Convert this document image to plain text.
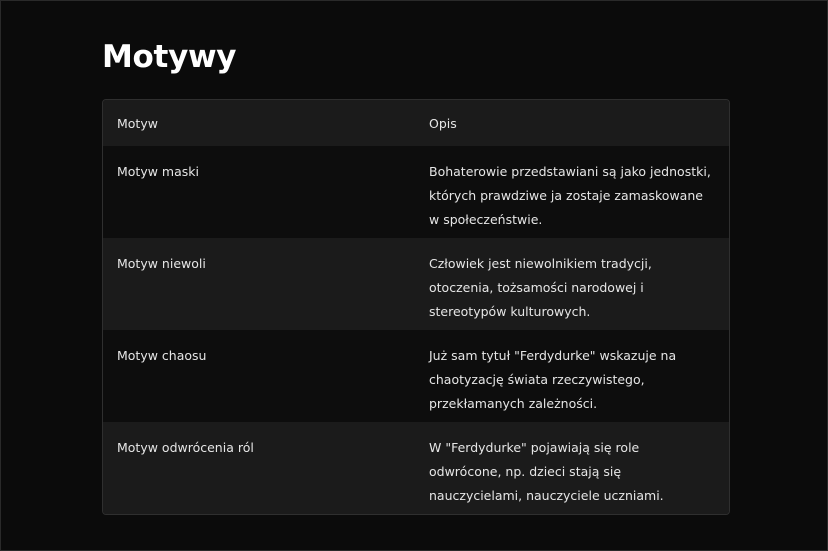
Motywy
Motyw	Opis
Motyw maski	Bohaterowie przedstawiani są jako jednostki, których prawdziwe ja zostaje zamaskowane w społeczeństwie.
Motyw niewoli	Człowiek jest niewolnikiem tradycji, otoczenia, tożsamości narodowej i stereotypów kulturowych.
Motyw chaosu	Już sam tytuł "Ferdydurke" wskazuje na chaotyzację świata rzeczywistego, przekłamanych zależności.
Motyw odwrócenia ról	W "Ferdydurke" pojawiają się role odwrócone, np. dzieci stają się nauczycielami, nauczyciele uczniami.
